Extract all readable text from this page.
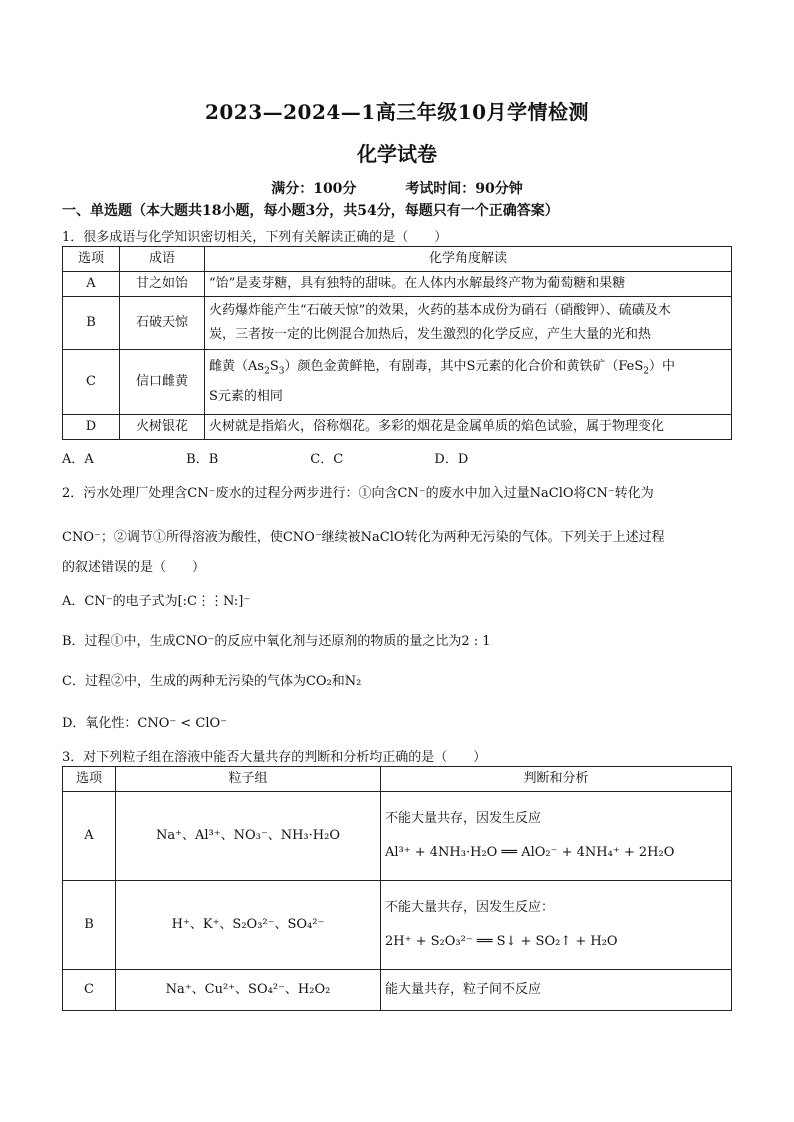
2023—2024—1高三年级10月学情检测
化学试卷
满分：100分	考试时间：90分钟
一、单选题（本大题共18小题，每小题3分，共54分，每题只有一个正确答案）
1．很多成语与化学知识密切相关，下列有关解读正确的是（　　）
选项	成语	化学角度解读
A	甘之如饴	“饴”是麦芽糖，具有独特的甜味。在人体内水解最终产物为葡萄糖和果糖
B	石破天惊	火药爆炸能产生“石破天惊”的效果，火药的基本成份为硝石（硝酸钾）、硫磺及木
炭，三者按一定的比例混合加热后，发生激烈的化学反应，产生大量的光和热

C	信口雌黄	雌黄$(As_2S_3)$颜色金黄鲜艳，有剧毒，其中S元素的化合价和黄铁矿（FeS$_2$）中
S元素的相同

D	火树银花	火树就是指焰火，俗称烟花。多彩的烟花是金属单质的焰色试验，属于物理变化
A．A	B．B	C．C	D．D
2．污水处理厂处理含CN⁻废水的过程分两步进行：①向含CN⁻的废水中加入过量NaClO将CN⁻转化为
CNO⁻；②调节①所得溶液为酸性，使CNO⁻继续被NaClO转化为两种无污染的气体。下列关于上述过程
的叙述错误的是（　　）
A．CN⁻的电子式为[:C⋮⋮N:]⁻
B．过程①中，生成CNO⁻的反应中氧化剂与还原剂的物质的量之比为2 : 1
C．过程②中，生成的两种无污染的气体为CO₂和N₂
D．氧化性：CNO⁻ < ClO⁻
3．对下列粒子组在溶液中能否大量共存的判断和分析均正确的是（　　）
选项	粒子组	判断和分析
A	Na⁺、Al³⁺、NO₃⁻、NH₃·H₂O	不能大量共存，因发生反应
Al³⁺ + 4NH₃·H₂O ══ AlO₂⁻ + 4NH₄⁺ + 2H₂O

B	H⁺、K⁺、S₂O₃²⁻、SO₄²⁻	不能大量共存，因发生反应：
2H⁺ + S₂O₃²⁻ ══ S↓ + SO₂↑ + H₂O

C	Na⁺、Cu²⁺、SO₄²⁻、H₂O₂	能大量共存，粒子间不反应
